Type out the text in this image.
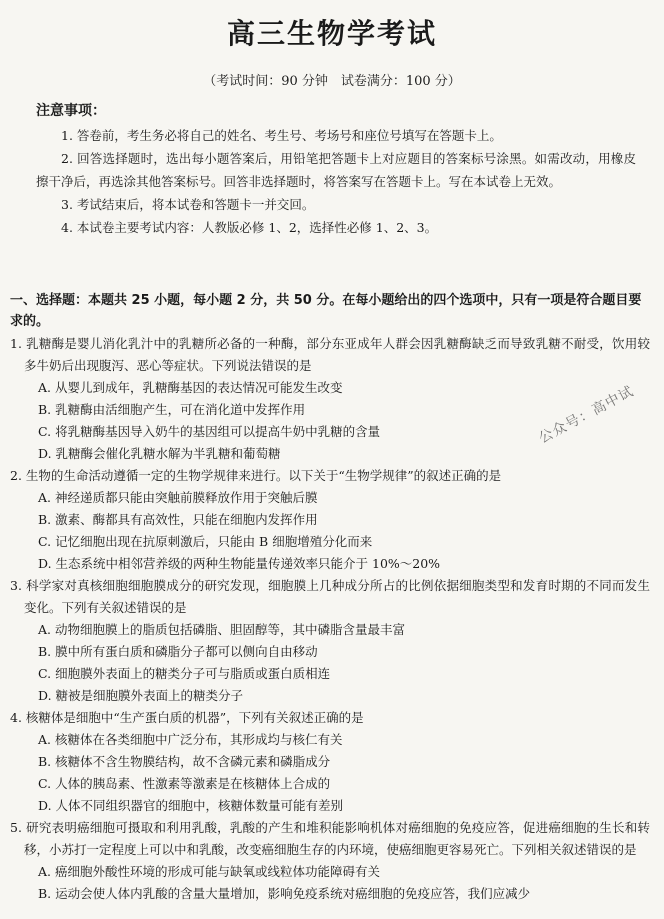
高三生物学考试
（考试时间：90 分钟　试卷满分：100 分）
注意事项：

1. 答卷前，考生务必将自己的姓名、考生号、考场号和座位号填写在答题卡上。

2. 回答选择题时，选出每小题答案后，用铅笔把答题卡上对应题目的答案标号涂黑。如需改动，用橡皮擦干净后，再选涂其他答案标号。回答非选择题时，将答案写在答题卡上。写在本试卷上无效。

3. 考试结束后，将本试卷和答题卡一并交回。

4. 本试卷主要考试内容：人教版必修 1、2，选择性必修 1、2、3。

一、选择题：本题共 25 小题，每小题 2 分，共 50 分。在每小题给出的四个选项中，只有一项是符合题目要求的。

1. 乳糖酶是婴儿消化乳汁中的乳糖所必备的一种酶，部分东亚成年人群会因乳糖酶缺乏而导致乳糖不耐受，饮用较多牛奶后出现腹泻、恶心等症状。下列说法错误的是

A. 从婴儿到成年，乳糖酶基因的表达情况可能发生改变

B. 乳糖酶由活细胞产生，可在消化道中发挥作用

C. 将乳糖酶基因导入奶牛的基因组可以提高牛奶中乳糖的含量

D. 乳糖酶会催化乳糖水解为半乳糖和葡萄糖

2. 生物的生命活动遵循一定的生物学规律来进行。以下关于“生物学规律”的叙述正确的是

A. 神经递质都只能由突触前膜释放作用于突触后膜

B. 激素、酶都具有高效性，只能在细胞内发挥作用

C. 记忆细胞出现在抗原刺激后，只能由 B 细胞增殖分化而来

D. 生态系统中相邻营养级的两种生物能量传递效率只能介于 10%～20%

3. 科学家对真核细胞细胞膜成分的研究发现，细胞膜上几种成分所占的比例依据细胞类型和发育时期的不同而发生变化。下列有关叙述错误的是

A. 动物细胞膜上的脂质包括磷脂、胆固醇等，其中磷脂含量最丰富

B. 膜中所有蛋白质和磷脂分子都可以侧向自由移动

C. 细胞膜外表面上的糖类分子可与脂质或蛋白质相连

D. 糖被是细胞膜外表面上的糖类分子

4. 核糖体是细胞中“生产蛋白质的机器”，下列有关叙述正确的是

A. 核糖体在各类细胞中广泛分布，其形成均与核仁有关

B. 核糖体不含生物膜结构，故不含磷元素和磷脂成分

C. 人体的胰岛素、性激素等激素是在核糖体上合成的

D. 人体不同组织器官的细胞中，核糖体数量可能有差别

5. 研究表明癌细胞可摄取和利用乳酸，乳酸的产生和堆积能影响机体对癌细胞的免疫应答，促进癌细胞的生长和转移，小苏打一定程度上可以中和乳酸，改变癌细胞生存的内环境，使癌细胞更容易死亡。下列相关叙述错误的是

A. 癌细胞外酸性环境的形成可能与缺氧或线粒体功能障碍有关

B. 运动会使人体内乳酸的含量大量增加，影响免疫系统对癌细胞的免疫应答，我们应减少

公众号：高中试
